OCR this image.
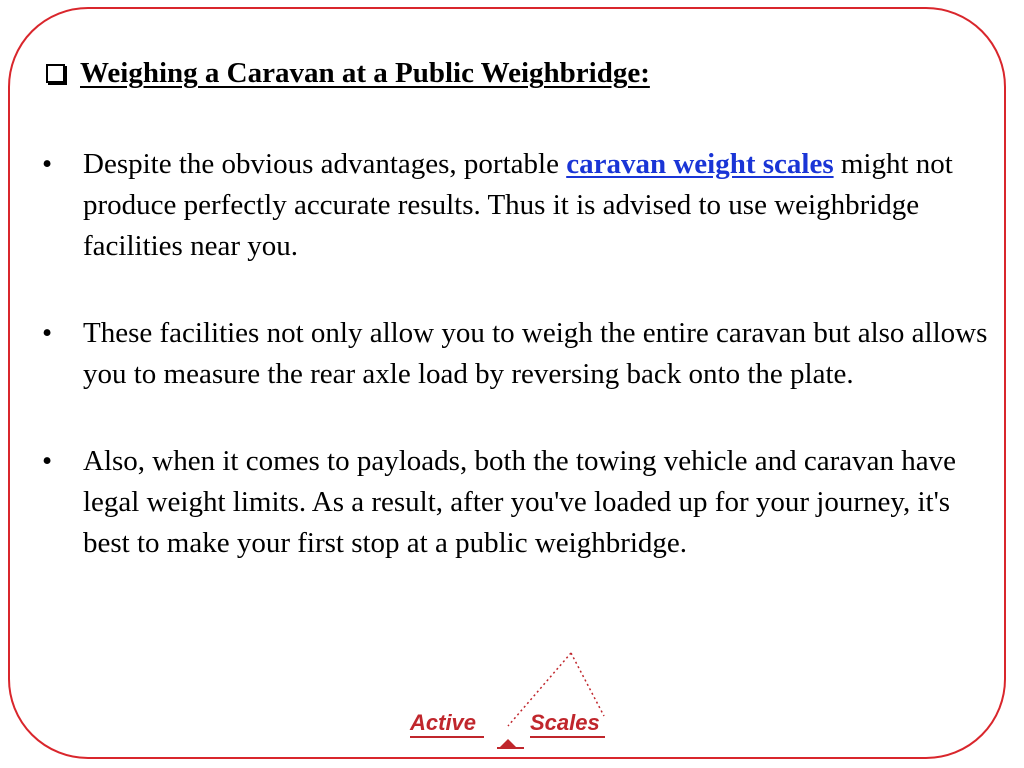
Weighing a Caravan at a Public Weighbridge:
•	Despite the obvious advantages, portable caravan weight scales might not produce perfectly accurate results. Thus it is advised to use weighbridge facilities near you.
•	These facilities not only allow you to weigh the entire caravan but also allows you to measure the rear axle load by reversing back onto the plate.
•	Also, when it comes to payloads, both the towing vehicle and caravan have legal weight limits. As a result, after you've loaded up for your journey, it's best to make your first stop at a public weighbridge.
Active Scales
